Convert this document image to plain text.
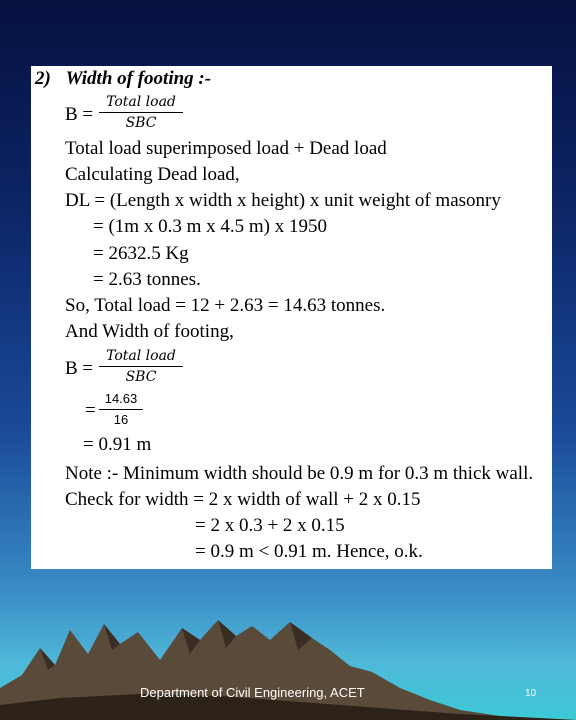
2) Width of footing :-
B =
Total load
SBC
Total load superimposed load + Dead load
Calculating Dead load,
DL = (Length x width x height) x unit weight of masonry
= (1m x 0.3 m x 4.5 m) x 1950
= 2632.5 Kg
= 2.63 tonnes.
So, Total load = 12 + 2.63 = 14.63 tonnes.
And Width of footing,
B =
Total load
SBC
=
14.63
16
= 0.91 m
Note :- Minimum width should be 0.9 m for 0.3 m thick wall.
Check for width = 2 x width of wall + 2 x 0.15
= 2 x 0.3 + 2 x 0.15
= 0.9 m < 0.91 m. Hence, o.k.
Department of Civil Engineering, ACET	10
